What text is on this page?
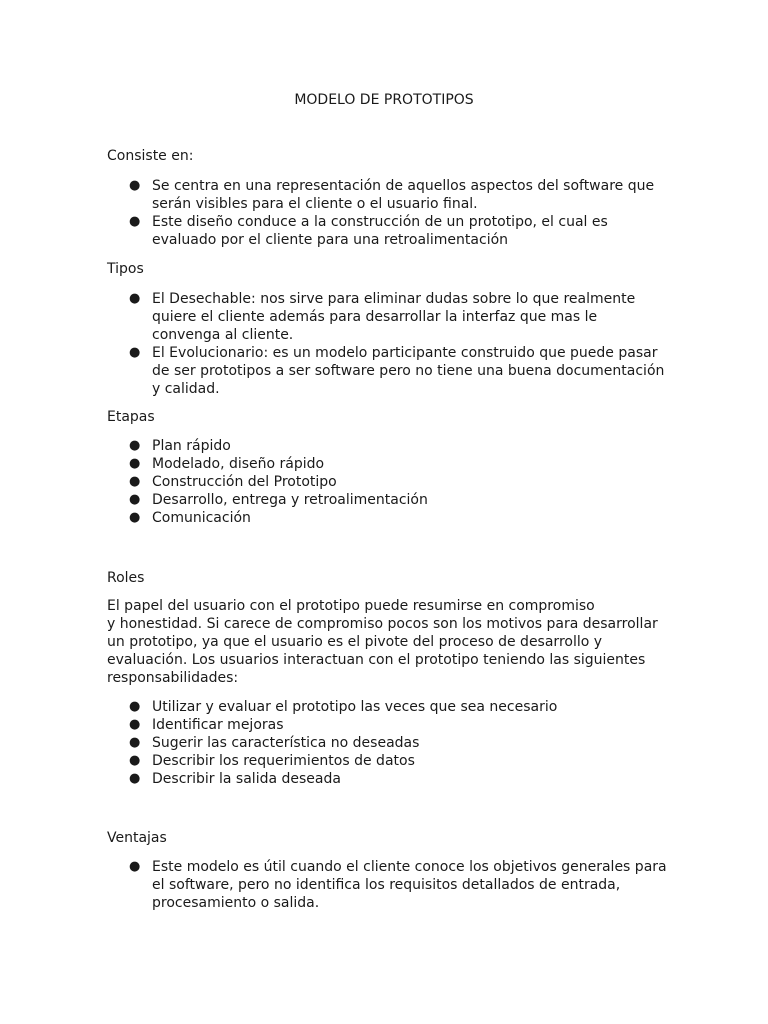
MODELO DE PROTOTIPOS
Consiste en:
● Se centra en una representación de aquellos aspectos del software que
serán visibles para el cliente o el usuario final.
● Este diseño conduce a la construcción de un prototipo, el cual es
evaluado por el cliente para una retroalimentación
Tipos
● El Desechable: nos sirve para eliminar dudas sobre lo que realmente
quiere el cliente además para desarrollar la interfaz que mas le
convenga al cliente.
● El Evolucionario: es un modelo participante construido que puede pasar
de ser prototipos a ser software pero no tiene una buena documentación
y calidad.
Etapas
● Plan rápido
● Modelado, diseño rápido
● Construcción del Prototipo
● Desarrollo, entrega y retroalimentación
● Comunicación
Roles
El papel del usuario con el prototipo puede resumirse en compromiso
y honestidad. Si carece de compromiso pocos son los motivos para desarrollar
un prototipo, ya que el usuario es el pivote del proceso de desarrollo y
evaluación. Los usuarios interactuan con el prototipo teniendo las siguientes
responsabilidades:
● Utilizar y evaluar el prototipo las veces que sea necesario
● Identificar mejoras
● Sugerir las característica no deseadas
● Describir los requerimientos de datos
● Describir la salida deseada
Ventajas
● Este modelo es útil cuando el cliente conoce los objetivos generales para
el software, pero no identifica los requisitos detallados de entrada,
procesamiento o salida.
